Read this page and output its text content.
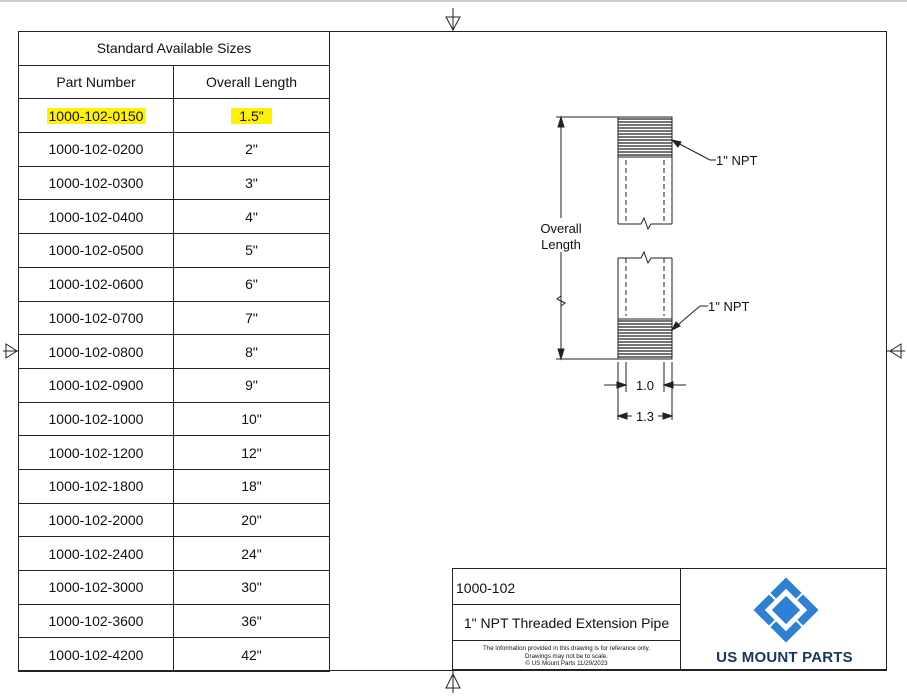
Standard Available Sizes	
Part Number	Overall Length
1000-102-0150	1.5"
1000-102-0200	2"
1000-102-0300	3"
1000-102-0400	4"
1000-102-0500	5"
1000-102-0600	6"
1000-102-0700	7"
1000-102-0800	8"
1000-102-0900	9"
1000-102-1000	10"
1000-102-1200	12"
1000-102-1800	18"
1000-102-2000	20"
1000-102-2400	24"
1000-102-3000	30"
1000-102-3600	36"
1000-102-4200	42"
Overall
Length
1" NPT
1" NPT
1.0
1.3
1000-102
1" NPT Threaded Extension Pipe
The information provided in this drawing is for referance only.
Drawings may not be to scale.
© US Mount Parts 11/29/2023	US MOUNT PARTS
